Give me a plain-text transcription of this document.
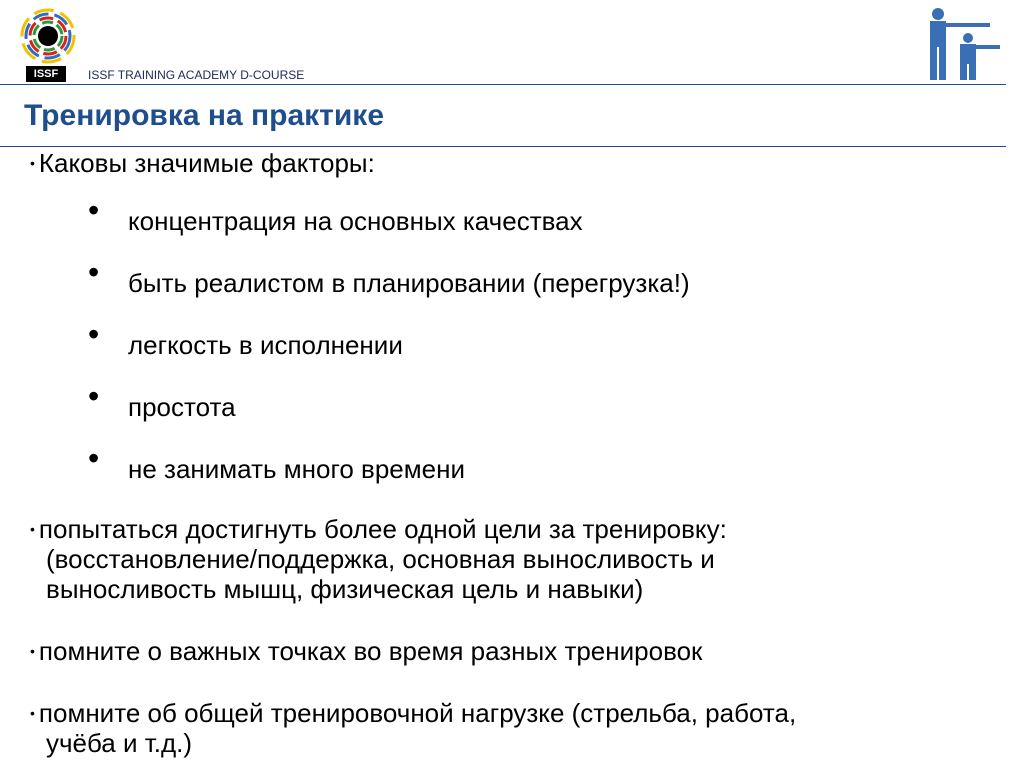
ISSF	ISSF TRAINING ACADEMY D-COURSE
Тренировка на практике
• Каковы значимые факторы:
• концентрация на основных качествах
• быть реалистом в планировании (перегрузка!)
• легкость в исполнении
• простота
• не занимать много времени
• попытаться достигнуть более одной цели за тренировку:
(восстановление/поддержка, основная выносливость и
выносливость мышц, физическая цель и навыки)
• помните о важных точках во время разных тренировок
• помните об общей тренировочной нагрузке (стрельба, работа,
учёба и т.д.)
